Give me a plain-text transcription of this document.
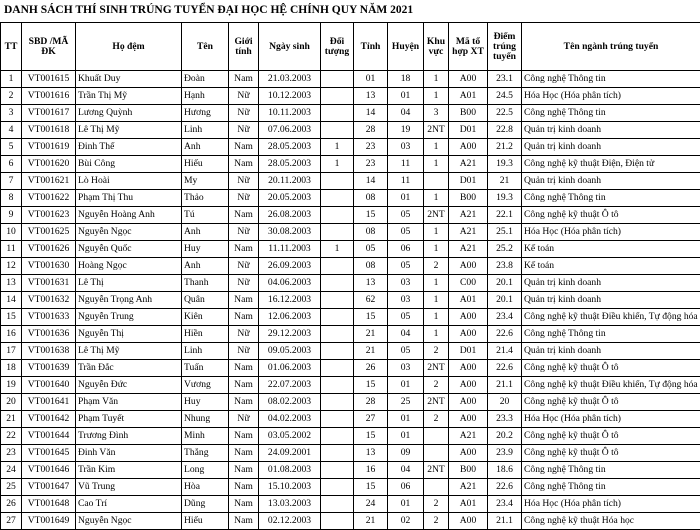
DANH SÁCH THÍ SINH TRÚNG TUYỂN ĐẠI HỌC HỆ CHÍNH QUY NĂM 2021
TT	SBD /MÃ ĐK	Họ đệm	Tên	Giới tính	Ngày sinh	Đối tượng	Tỉnh	Huyện	Khu vực	Mã tổ hợp XT	Điểm trúng tuyển	Tên ngành trúng tuyển
1	VT001615	Khuất Duy	Đoàn	Nam	21.03.2003		01	18	1	A00	23.1	Công nghệ Thông tin
2	VT001616	Trần Thị Mỹ	Hạnh	Nữ	10.12.2003		13	01	1	A01	24.5	Hóa Học (Hóa phân tích)
3	VT001617	Lương Quỳnh	Hương	Nữ	10.11.2003		14	04	3	B00	22.5	Công nghệ Thông tin
4	VT001618	Lê Thị Mỹ	Linh	Nữ	07.06.2003		28	19	2NT	D01	22.8	Quản trị kinh doanh
5	VT001619	Đinh Thế	Anh	Nam	28.05.2003	1	23	03	1	A00	21.2	Quản trị kinh doanh
6	VT001620	Bùi Công	Hiếu	Nam	28.05.2003	1	23	11	1	A21	19.3	Công nghệ kỹ thuật Điện, Điện tử
7	VT001621	Lò Hoài	My	Nữ	20.11.2003		14	11		D01	21	Quản trị kinh doanh
8	VT001622	Phạm Thị Thu	Thảo	Nữ	20.05.2003		08	01	1	B00	19.3	Công nghệ Thông tin
9	VT001623	Nguyễn Hoàng Anh	Tú	Nam	26.08.2003		15	05	2NT	A21	22.1	Công nghệ kỹ thuật Ô tô
10	VT001625	Nguyễn Ngọc	Anh	Nữ	30.08.2003		08	05	1	A21	25.1	Hóa Học (Hóa phân tích)
11	VT001626	Nguyễn Quốc	Huy	Nam	11.11.2003	1	05	06	1	A21	25.2	Kế toán
12	VT001630	Hoàng Ngọc	Anh	Nữ	26.09.2003		08	05	2	A00	23.8	Kế toán
13	VT001631	Lê Thị	Thanh	Nữ	04.06.2003		13	03	1	C00	20.1	Quản trị kinh doanh
14	VT001632	Nguyễn Trọng Anh	Quân	Nam	16.12.2003		62	03	1	A01	20.1	Quản trị kinh doanh
15	VT001633	Nguyễn Trung	Kiên	Nam	12.06.2003		15	05	1	A00	23.4	Công nghệ kỹ thuật Điều khiển, Tự động hóa
16	VT001636	Nguyễn Thị	Hiền	Nữ	29.12.2003		21	04	1	A00	22.6	Công nghệ Thông tin
17	VT001638	Lê Thị Mỹ	Linh	Nữ	09.05.2003		21	05	2	D01	21.4	Quản trị kinh doanh
18	VT001639	Trần Đắc	Tuấn	Nam	01.06.2003		26	03	2NT	A00	22.6	Công nghệ kỹ thuật Ô tô
19	VT001640	Nguyễn Đức	Vương	Nam	22.07.2003		15	01	2	A00	21.1	Công nghệ kỹ thuật Điều khiển, Tự động hóa
20	VT001641	Phạm Văn	Huy	Nam	08.02.2003		28	25	2NT	A00	20	Công nghệ kỹ thuật Ô tô
21	VT001642	Phạm Tuyết	Nhung	Nữ	04.02.2003		27	01	2	A00	23.3	Hóa Học (Hóa phân tích)
22	VT001644	Trương Đình	Minh	Nam	03.05.2002		15	01		A21	20.2	Công nghệ kỹ thuật Ô tô
23	VT001645	Đinh Văn	Thắng	Nam	24.09.2001		13	09		A00	23.9	Công nghệ kỹ thuật Ô tô
24	VT001646	Trần Kim	Long	Nam	01.08.2003		16	04	2NT	B00	18.6	Công nghệ Thông tin
25	VT001647	Vũ Trung	Hòa	Nam	15.10.2003		15	06		A21	22.6	Công nghệ Thông tin
26	VT001648	Cao Trí	Dũng	Nam	13.03.2003		24	01	2	A01	23.4	Hóa Học (Hóa phân tích)
27	VT001649	Nguyễn Ngọc	Hiếu	Nam	02.12.2003		21	02	2	A00	21.1	Công nghệ kỹ thuật Hóa học
